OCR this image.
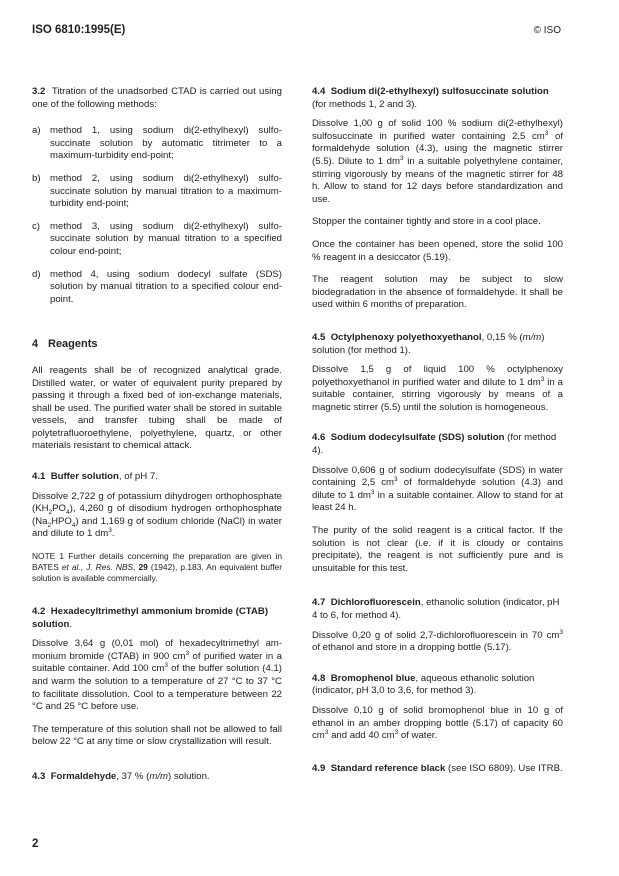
ISO 6810:1995(E)	© ISO

3.2 Titration of the unadsorbed CTAD is carried out using one of the following methods:

a) method 1, using sodium di(2-ethylhexyl) sulfosuccinate solution by automatic titrimeter to a maximum-turbidity end-point;
b) method 2, using sodium di(2-ethylhexyl) sulfosuccinate solution by manual titration to a maximum-turbidity end-point;
c)	method 3, using sodium di(2-ethylhexyl) sulfosuccinate solution by manual titration to a specified colour end-point;
d) method 4, using sodium dodecyl sulfate (SDS) solution by manual titration to a specified colour end-point.
4 Reagents

All reagents shall be of recognized analytical grade. Distilled water, or water of equivalent purity prepared by passing it through a fixed bed of ion-exchange materials, shall be used. The purified water shall be stored in suitable vessels, and transfer tubing shall be made of polytetrafluoroethylene, polyethylene, quartz, or other materials resistant to chemical attack.

4.1 Buffer solution, of pH 7.

Dissolve 2,722 g of potassium dihydrogen orthophosphate $(KH_2PO_4)$, 4,260 g of disodium hydrogen orthophosphate $(Na_2HPO_4)$ and 1,169 g of sodium chloride (NaCl) in water and dilute to 1 $dm^3$.

NOTE 1 Further details concerning the preparation are given in BATES et al., J. Res. NBS, 29 (1942), p.183. An equivalent buffer solution is available commercially.

4.2 Hexadecyltrimethyl ammonium bromide (CTAB) solution.

Dissolve 3,64 g (0,01 mol) of hexadecyltrimethyl ammonium bromide (CTAB) in 900 $cm^3$ of purified water in a suitable container. Add 100 $cm^3$ of the buffer solution (4.1) and warm the solution to a temperature of 27 °C to 37 °C to facilitate dissolution. Cool to a temperature between 22 °C and 25 °C before use.

The temperature of this solution shall not be allowed to fall below 22 °C at any time or slow crystallization will result.

4.3 Formaldehyde, 37 % (m/m) solution.
4.4 Sodium di(2-ethylhexyl) sulfosuccinate solution (for methods 1, 2 and 3).

Dissolve 1,00 g of solid 100 % sodium di(2-ethylhexyl) sulfosuccinate in purified water containing 2,5 $cm^3$ of formaldehyde solution (4.3), using the magnetic stirrer (5.5). Dilute to 1 $dm^3$ in a suitable polyethylene container, stirring vigorously by means of the magnetic stirrer for 48 h. Allow to stand for 12 days before standardization and use.

Stopper the container tightly and store in a cool place.

Once the container has been opened, store the solid 100 % reagent in a desiccator (5.19).

The reagent solution may be subject to slow biodegradation in the absence of formaldehyde. It shall be used within 6 months of preparation.

4.5 Octylphenoxy polyethoxyethanol, 0,15 % (m/m) solution (for method 1).

Dissolve 1,5 g of liquid 100 % octylphenoxy polyethoxyethanol in purified water and dilute to 1 $dm^3$ in a suitable container, stirring vigorously by means of a magnetic stirrer (5.5) until the solution is homogeneous.

4.6 Sodium dodecylsulfate (SDS) solution (for method 4).

Dissolve 0,606 g of sodium dodecylsulfate (SDS) in water containing 2,5 $cm^3$ of formaldehyde solution (4.3) and dilute to 1 $dm^3$ in a suitable container. Allow to stand for at least 24 h.

The purity of the solid reagent is a critical factor. If the solution is not clear (i.e. if it is cloudy or contains precipitate), the reagent is not sufficiently pure and is unsuitable for this test.

4.7 Dichlorofluorescein, ethanolic solution (indicator, pH 4 to 6, for method 4).

Dissolve 0,20 g of solid 2,7-dichlorofluorescein in 70 $cm^3$ of ethanol and store in a dropping bottle (5.17).

4.8 Bromophenol blue, aqueous ethanolic solution (indicator, pH 3,0 to 3,6, for method 3).

Dissolve 0,10 g of solid bromophenol blue in 10 g of ethanol in an amber dropping bottle (5.17) of capacity 60 $cm^3$ and add 40 $cm^3$ of water.

4.9 Standard reference black (see ISO 6809). Use ITRB.
2
